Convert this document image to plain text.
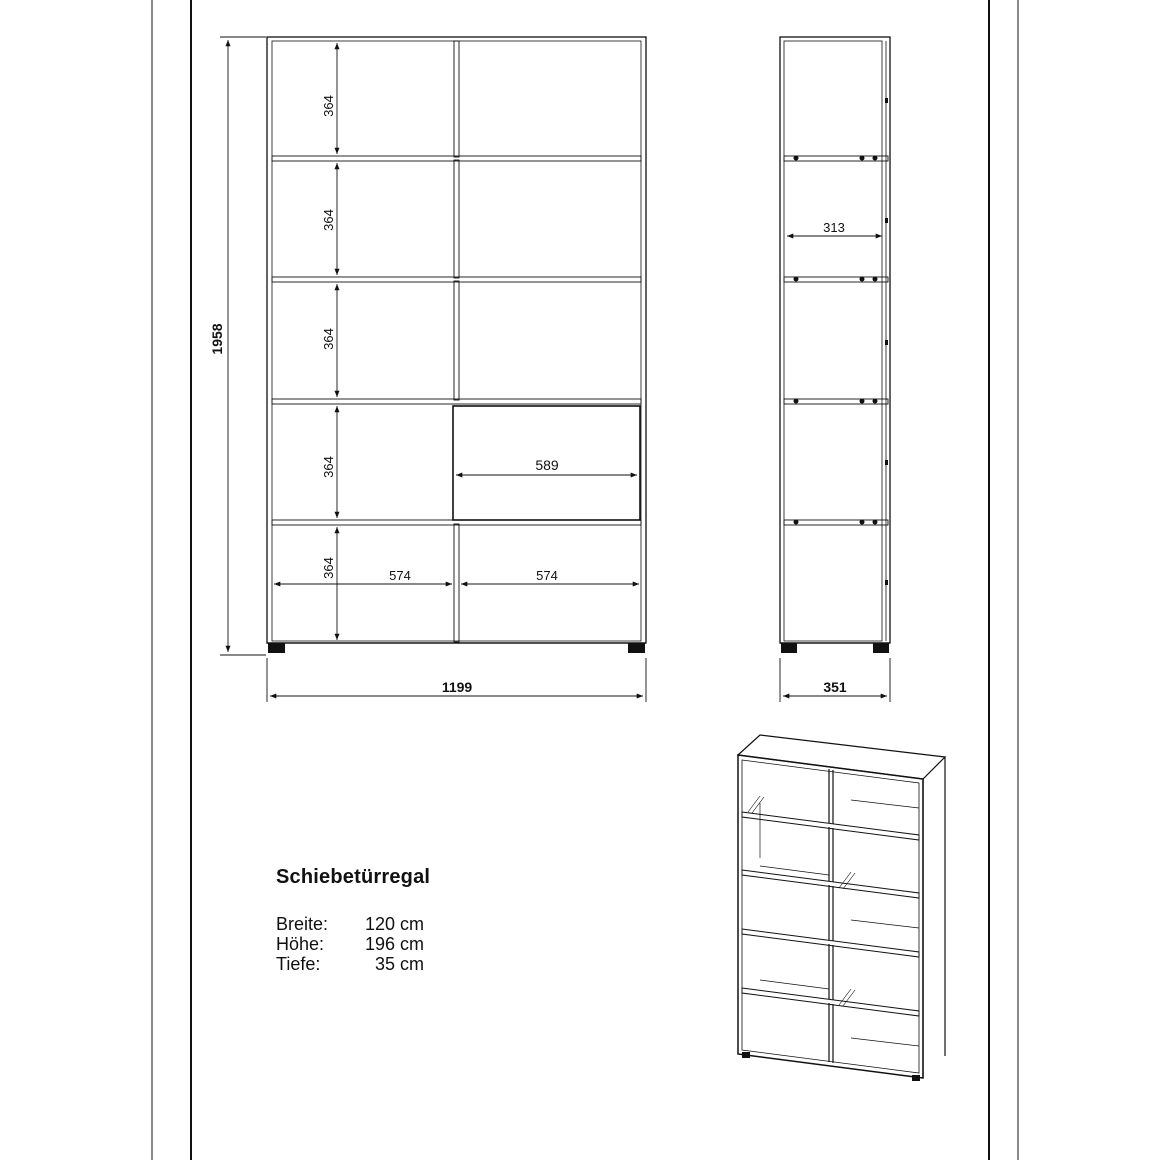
1958
1199
364
364
364
364
364
589
574	574
313
351
Schiebetürregal
Breite:	120 cm
Höhe:	196 cm
Tiefe:	35 cm
